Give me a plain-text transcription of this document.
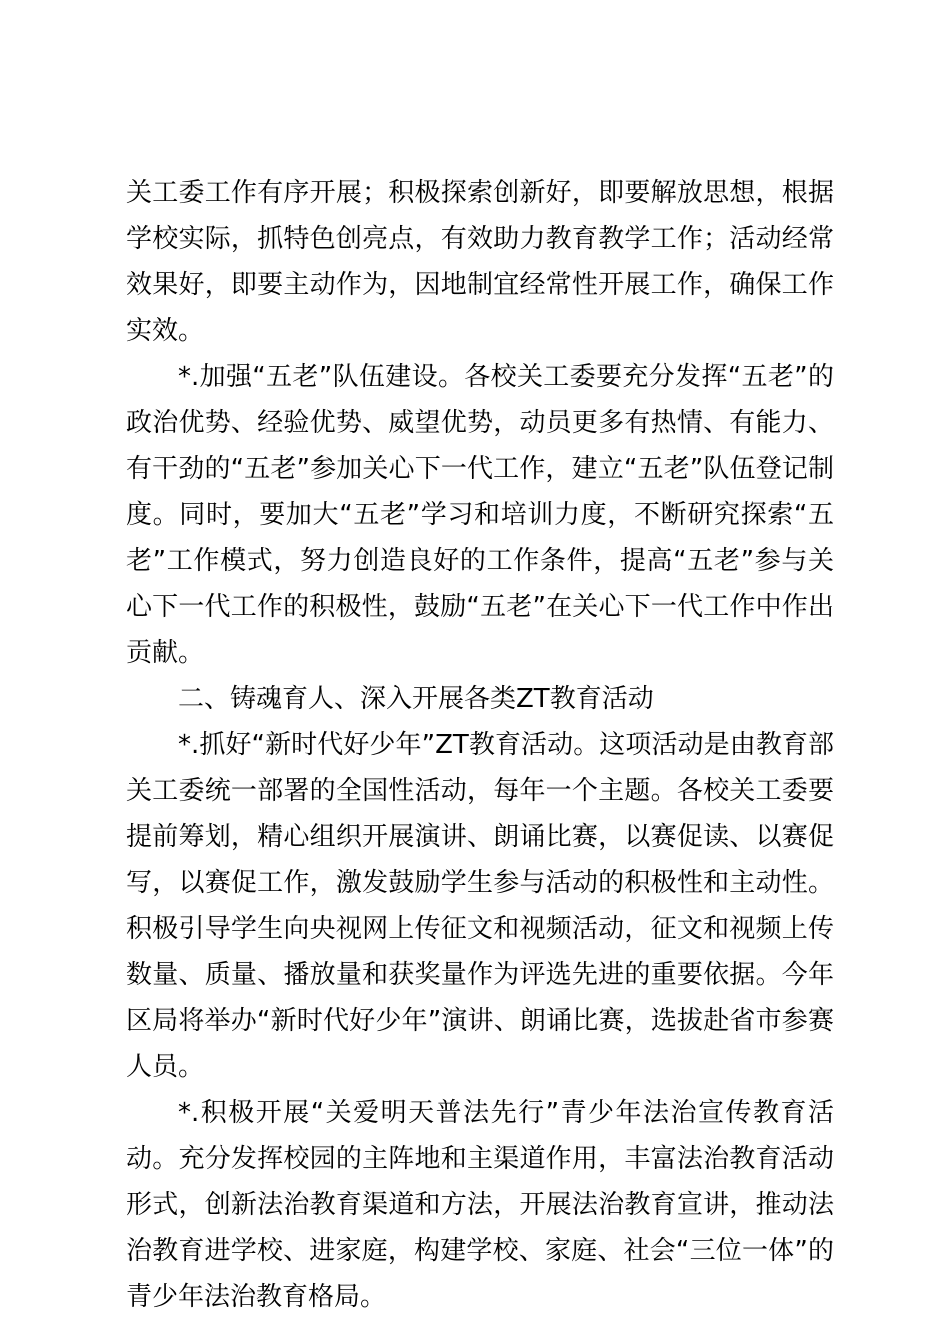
关工委工作有序开展；积极探索创新好，即要解放思想，根据学校实际，抓特色创亮点，有效助力教育教学工作；活动经常效果好，即要主动作为，因地制宜经常性开展工作，确保工作实效。

*.加强“五老”队伍建设。各校关工委要充分发挥“五老”的政治优势、经验优势、威望优势，动员更多有热情、有能力、有干劲的“五老”参加关心下一代工作，建立“五老”队伍登记制度。同时，要加大“五老”学习和培训力度，不断研究探索“五老”工作模式，努力创造良好的工作条件，提高“五老”参与关心下一代工作的积极性，鼓励“五老”在关心下一代工作中作出贡献。

二、铸魂育人、深入开展各类ZT教育活动

*.抓好“新时代好少年”ZT教育活动。这项活动是由教育部关工委统一部署的全国性活动，每年一个主题。各校关工委要提前筹划，精心组织开展演讲、朗诵比赛，以赛促读、以赛促写，以赛促工作，激发鼓励学生参与活动的积极性和主动性。积极引导学生向央视网上传征文和视频活动，征文和视频上传数量、质量、播放量和获奖量作为评选先进的重要依据。今年区局将举办“新时代好少年”演讲、朗诵比赛，选拔赴省市参赛人员。

*.积极开展“关爱明天普法先行”青少年法治宣传教育活动。充分发挥校园的主阵地和主渠道作用，丰富法治教育活动形式，创新法治教育渠道和方法，开展法治教育宣讲，推动法治教育进学校、进家庭，构建学校、家庭、社会“三位一体”的青少年法治教育格局。
